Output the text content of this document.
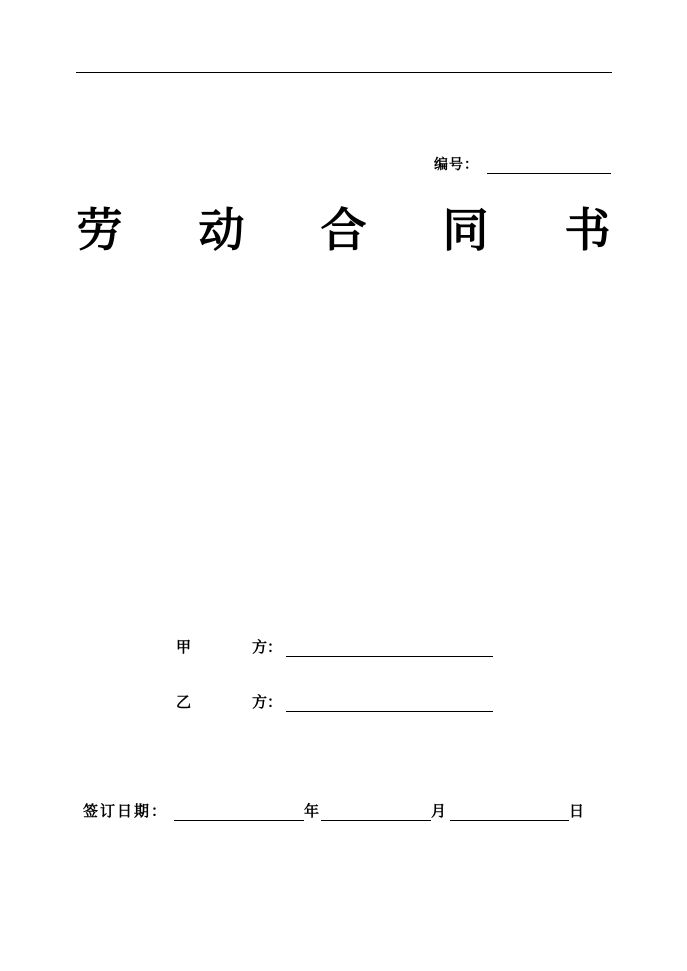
编号：
劳 动 合 同 书
甲	方：
乙	方：
签订日期：	年	月	日
